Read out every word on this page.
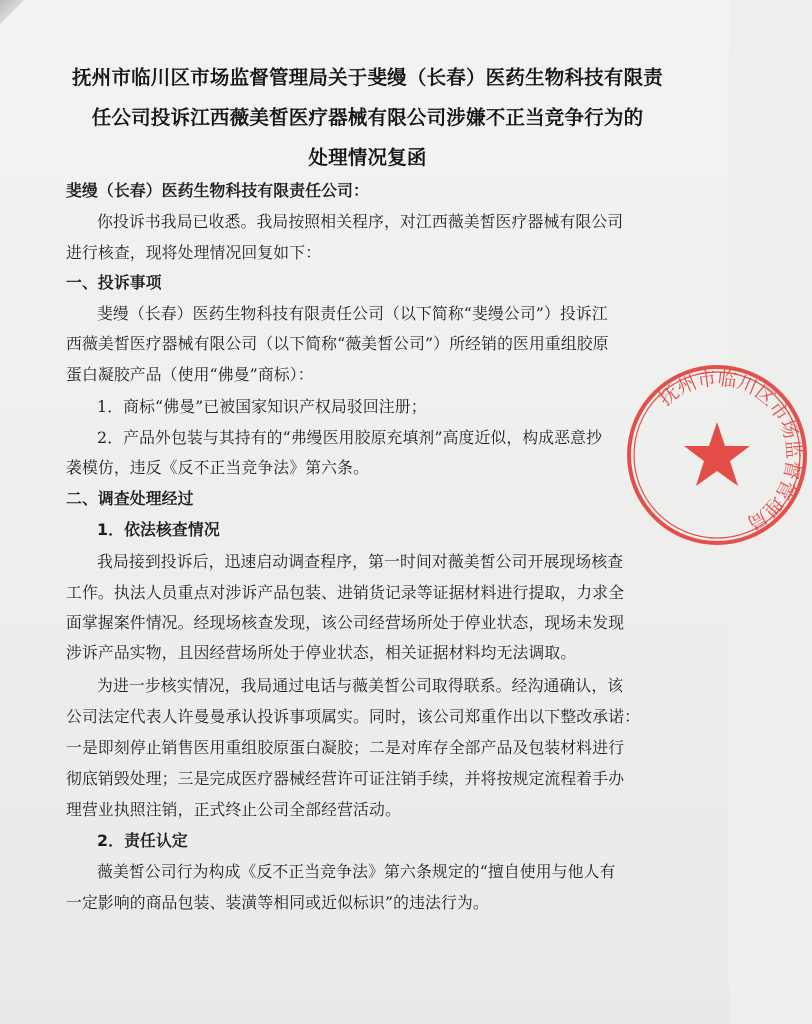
抚州市临川区市场监督管理局关于斐缦（长春）医药生物科技有限责
任公司投诉江西薇美皙医疗器械有限公司涉嫌不正当竞争行为的
处理情况复函
斐缦（长春）医药生物科技有限责任公司：
你投诉书我局已收悉。我局按照相关程序，对江西薇美皙医疗器械有限公司
进行核查，现将处理情况回复如下：
一、投诉事项
斐缦（长春）医药生物科技有限责任公司（以下简称“斐缦公司”）投诉江
西薇美皙医疗器械有限公司（以下简称“薇美皙公司”）所经销的医用重组胶原
蛋白凝胶产品（使用“佛曼”商标）：
1．商标“佛曼”已被国家知识产权局驳回注册；
2．产品外包装与其持有的“弗缦医用胶原充填剂”高度近似，构成恶意抄
袭模仿，违反《反不正当竞争法》第六条。
二、调查处理经过
1．依法核查情况
我局接到投诉后，迅速启动调查程序，第一时间对薇美皙公司开展现场核查
工作。执法人员重点对涉诉产品包装、进销货记录等证据材料进行提取，力求全
面掌握案件情况。经现场核查发现，该公司经营场所处于停业状态，现场未发现
涉诉产品实物，且因经营场所处于停业状态，相关证据材料均无法调取。
为进一步核实情况，我局通过电话与薇美皙公司取得联系。经沟通确认，该
公司法定代表人许曼曼承认投诉事项属实。同时，该公司郑重作出以下整改承诺：
一是即刻停止销售医用重组胶原蛋白凝胶；二是对库存全部产品及包装材料进行
彻底销毁处理；三是完成医疗器械经营许可证注销手续，并将按规定流程着手办
理营业执照注销，正式终止公司全部经营活动。
2．责任认定
薇美皙公司行为构成《反不正当竞争法》第六条规定的“擅自使用与他人有
一定影响的商品包装、装潢等相同或近似标识”的违法行为。
抚州市临川区市场监督管理局
